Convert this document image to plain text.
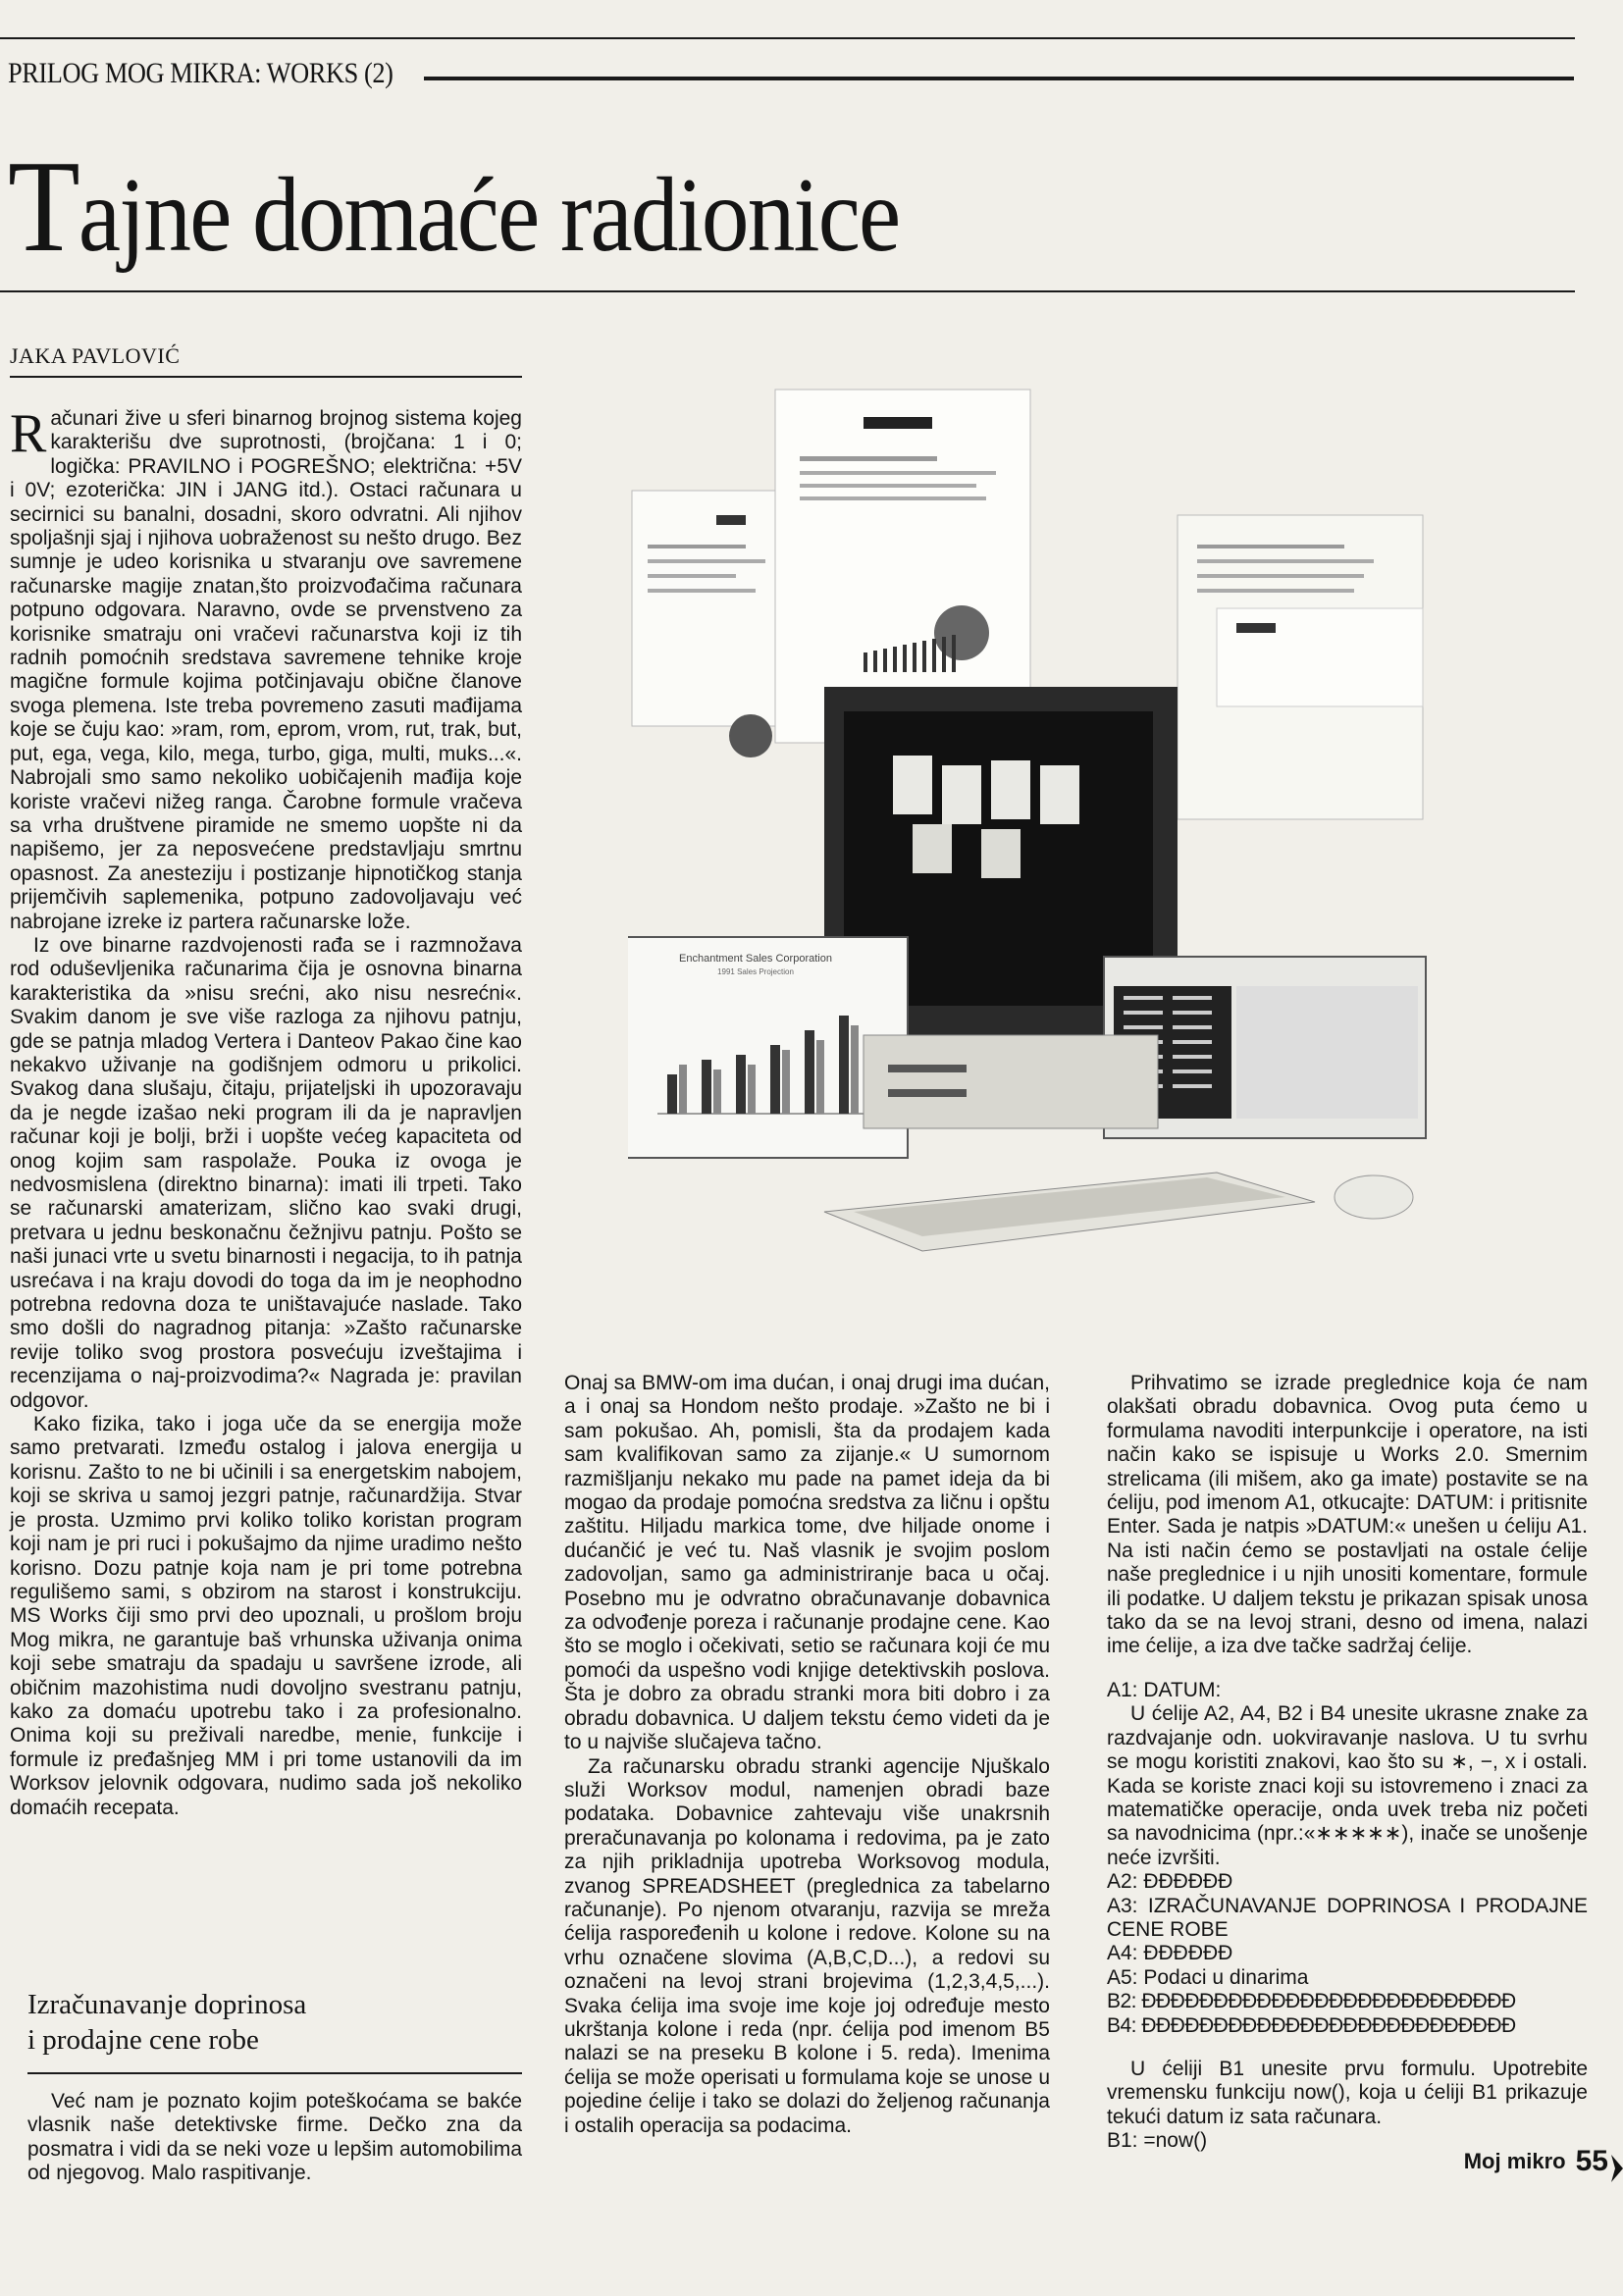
PRILOG MOG MIKRA: WORKS (2)
Tajne domaće radionice
JAKA PAVLOVIĆ

Računari žive u sferi binarnog brojnog sistema kojeg karakterišu dve suprotnosti, (brojčana: 1 i 0; logička: PRAVILNO i POGREŠNO; električna: +5V i 0V; ezoterička: JIN i JANG itd.). Ostaci računara u secirnici su banalni, dosadni, skoro odvratni. Ali njihov spoljašnji sjaj i njihova uobraženost su nešto drugo. Bez sumnje je udeo korisnika u stvaranju ove savremene računarske magije znatan,što proizvođačima računara potpuno odgovara. Naravno, ovde se prvenstveno za korisnike smatraju oni vračevi računarstva koji iz tih radnih pomoćnih sredstava savremene tehnike kroje magične formule kojima potčinjavaju obične članove svoga plemena. Iste treba povremeno zasuti mađijama koje se čuju kao: »ram, rom, eprom, vrom, rut, trak, but, put, ega, vega, kilo, mega, turbo, giga, multi, muks...«. Nabrojali smo samo nekoliko uobičajenih mađija koje koriste vračevi nižeg ranga. Čarobne formule vračeva sa vrha društvene piramide ne smemo uopšte ni da napišemo, jer za neposvećene predstavljaju smrtnu opasnost. Za anesteziju i postizanje hipnotičkog stanja prijemčivih saplemenika, potpuno zadovoljavaju već nabrojane izreke iz partera računarske lože.

Iz ove binarne razdvojenosti rađa se i razmnožava rod oduševljenika računarima čija je osnovna binarna karakteristika da »nisu srećni, ako nisu nesrećni«. Svakim danom je sve više razloga za njihovu patnju, gde se patnja mladog Vertera i Danteov Pakao čine kao nekakvo uživanje na godišnjem odmoru u prikolici. Svakog dana slušaju, čitaju, prijateljski ih upozoravaju da je negde izašao neki program ili da je napravljen računar koji je bolji, brži i uopšte većeg kapaciteta od onog kojim sam raspolaže. Pouka iz ovoga je nedvosmislena (direktno binarna): imati ili trpeti. Tako se računarski amaterizam, slično kao svaki drugi, pretvara u jednu beskonačnu čežnjivu patnju. Pošto se naši junaci vrte u svetu binarnosti i negacija, to ih patnja usrećava i na kraju dovodi do toga da im je neophodno potrebna redovna doza te uništavajuće naslade. Tako smo došli do nagradnog pitanja: »Zašto računarske revije toliko svog prostora posvećuju izveštajima i recenzijama o naj-proizvodima?« Nagrada je: pravilan odgovor.

Kako fizika, tako i joga uče da se energija može samo pretvarati. Između ostalog i jalova energija u korisnu. Zašto to ne bi učinili i sa energetskim nabojem, koji se skriva u samoj jezgri patnje, računardžija. Stvar je prosta. Uzmimo prvi koliko toliko koristan program koji nam je pri ruci i pokušajmo da njime uradimo nešto korisno. Dozu patnje koja nam je pri tome potrebna regulišemo sami, s obzirom na starost i konstrukciju. MS Works čiji smo prvi deo upoznali, u prošlom broju Mog mikra, ne garantuje baš vrhunska uživanja onima koji sebe smatraju da spadaju u savršene izrode, ali običnim mazohistima nudi dovoljno svestranu patnju, kako za domaću upotrebu tako i za profesionalno. Onima koji su preživali naredbe, menie, funkcije i formule iz prеđašnjeg MM i pri tome ustanovili da im Worksov jelovnik odgovara, nudimo sada još nekoliko domaćih recepata.

Izračunavanje doprinosa
i prodajne cene robe

Već nam je poznato kojim poteškoćama se bakće vlasnik naše detektivske firme. Dečko zna da posmatra i vidi da se neki voze u lepšim automobilima od njegovog. Malo raspitivanje.

Enchantment Sales Corporation
1991 Sales Projection

Onaj sa BMW-om ima dućan, i onaj drugi ima dućan, a i onaj sa Hondom nešto prodaje. »Zašto ne bi i sam pokušao. Ah, pomisli, šta da prodajem kada sam kvalifikovan samo za zijanje.« U sumornom razmišljanju nekako mu pade na pamet ideja da bi mogao da prodaje pomoćna sredstva za ličnu i opštu zaštitu. Hiljadu markica tome, dve hiljade onome i dućančić je već tu. Naš vlasnik je svojim poslom zadovoljan, samo ga administriranje baca u očaj. Posebno mu je odvratno obračunavanje dobavnica za odvođenje poreza i računanje prodajne cene. Kao što se moglo i očekivati, setio se računara koji će mu pomoći da uspešno vodi knjige detektivskih poslova. Šta je dobro za obradu stranki mora biti dobro i za obradu dobavnica. U daljem tekstu ćemo videti da je to u najviše slučajeva tačno.

Za računarsku obradu stranki agencije Njuškalo služi Worksov modul, namenjen obradi baze podataka. Dobavnice zahtevaju više unakrsnih preračunavanja po kolonama i redovima, pa je zato za njih prikladnija upotreba Worksovog modula, zvanog SPREADSHEET (preglednica za tabelarno računanje). Po njenom otvaranju, razvija se mreža ćelija raspoređenih u kolone i redove. Kolone su na vrhu označene slovima (A,B,C,D...), a redovi su označeni na levoj strani brojevima (1,2,3,4,5,...). Svaka ćelija ima svoje ime koje joj određuje mesto ukrštanja kolone i reda (npr. ćelija pod imenom B5 nalazi se na preseku B kolone i 5. reda). Imenima ćelija se može operisati u formulama koje se unose u pojedine ćelije i tako se dolazi do željenog računanja i ostalih operacija sa podacima.

Prihvatimo se izrade preglednice koja će nam olakšati obradu dobavnica. Ovog puta ćemo u formulama navoditi interpunkcije i operatore, na isti način kako se ispisuje u Works 2.0. Smernim strelicama (ili mišem, ako ga imate) postavite se na ćeliju, pod imenom A1, otkucajte: DATUM: i pritisnite Enter. Sada je natpis »DATUM:« unešen u ćeliju A1. Na isti način ćemo se postavljati na ostale ćelije naše preglednice i u njih unositi komentare, formule ili podatke. U daljem tekstu je prikazan spisak unosa tako da se na levoj strani, desno od imena, nalazi ime ćelije, a iza dve tačke sadržaj ćelije.

A1: DATUM:

U ćelije A2, A4, B2 i B4 unesite ukrasne znake za razdvajanje odn. uokviravanje naslova. U tu svrhu se mogu koristiti znakovi, kao što su ∗, −, x i ostali. Kada se koriste znaci koji su istovremeno i znaci za matematičke operacije, onda uvek treba niz početi sa navodnicima (npr.:«∗∗∗∗∗), inače se unošenje neće izvršiti.

A2: ĐĐĐĐĐĐ

A3: IZRAČUNAVANJE DOPRINOSA I PRODAJNE CENE ROBE

A4: ĐĐĐĐĐĐ

A5: Podaci u dinarima

B2: ĐĐĐĐĐĐĐĐĐĐĐĐĐĐĐĐĐĐĐĐĐĐĐĐĐĐ

B4: ĐĐĐĐĐĐĐĐĐĐĐĐĐĐĐĐĐĐĐĐĐĐĐĐĐĐ

U ćeliji B1 unesite prvu formulu. Upotrebite vremensku funkciju now(), koja u ćeliji B1 prikazuje tekući datum iz sata računara.

B1: =now()

Moj mikro 55
